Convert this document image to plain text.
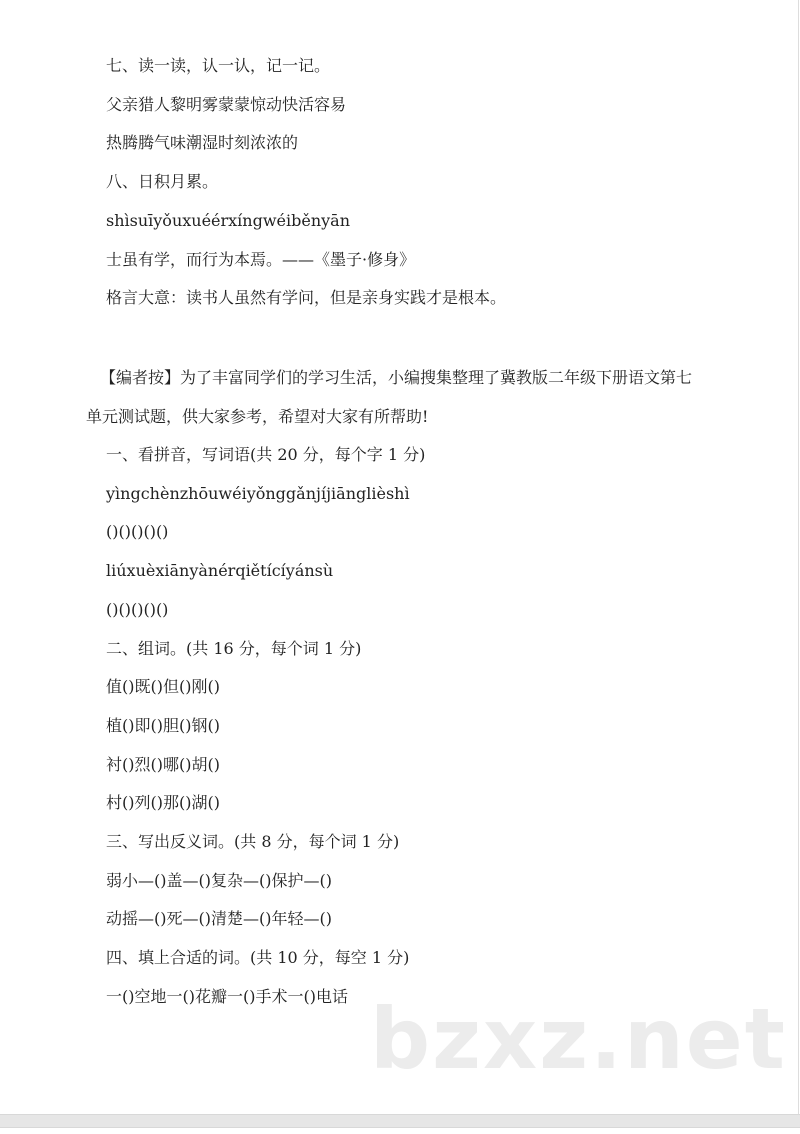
【编者按】为了丰富同学们的学习生活，小编搜集整理了冀教版二年级下册语文第七单元测试题，供大家参考，希望对大家有所帮助!
bzxz.net
七、读一读，认一认，记一记。
父亲猎人黎明雾蒙蒙惊动快活容易
热腾腾气味潮湿时刻浓浓的
八、日积月累。
shìsuīyǒuxuéérxíngwéiběnyān
士虽有学，而行为本焉。——《墨子·修身》
格言大意：读书人虽然有学问，但是亲身实践才是根本。
一、看拼音，写词语(共 20 分，每个字 1 分)
yìngchènzhōuwéiyǒnggǎnjíjiānglièshì
()()()()()
liúxuèxiānyànérqiětícíyánsù
()()()()()
二、组词。(共 16 分，每个词 1 分)
值()既()但()刚()
植()即()胆()钢()
衬()烈()哪()胡()
村()列()那()湖()
三、写出反义词。(共 8 分，每个词 1 分)
弱小—()盖—()复杂—()保护—()
动摇—()死—()清楚—()年轻—()
四、填上合适的词。(共 10 分，每空 1 分)
一()空地一()花瓣一()手术一()电话
